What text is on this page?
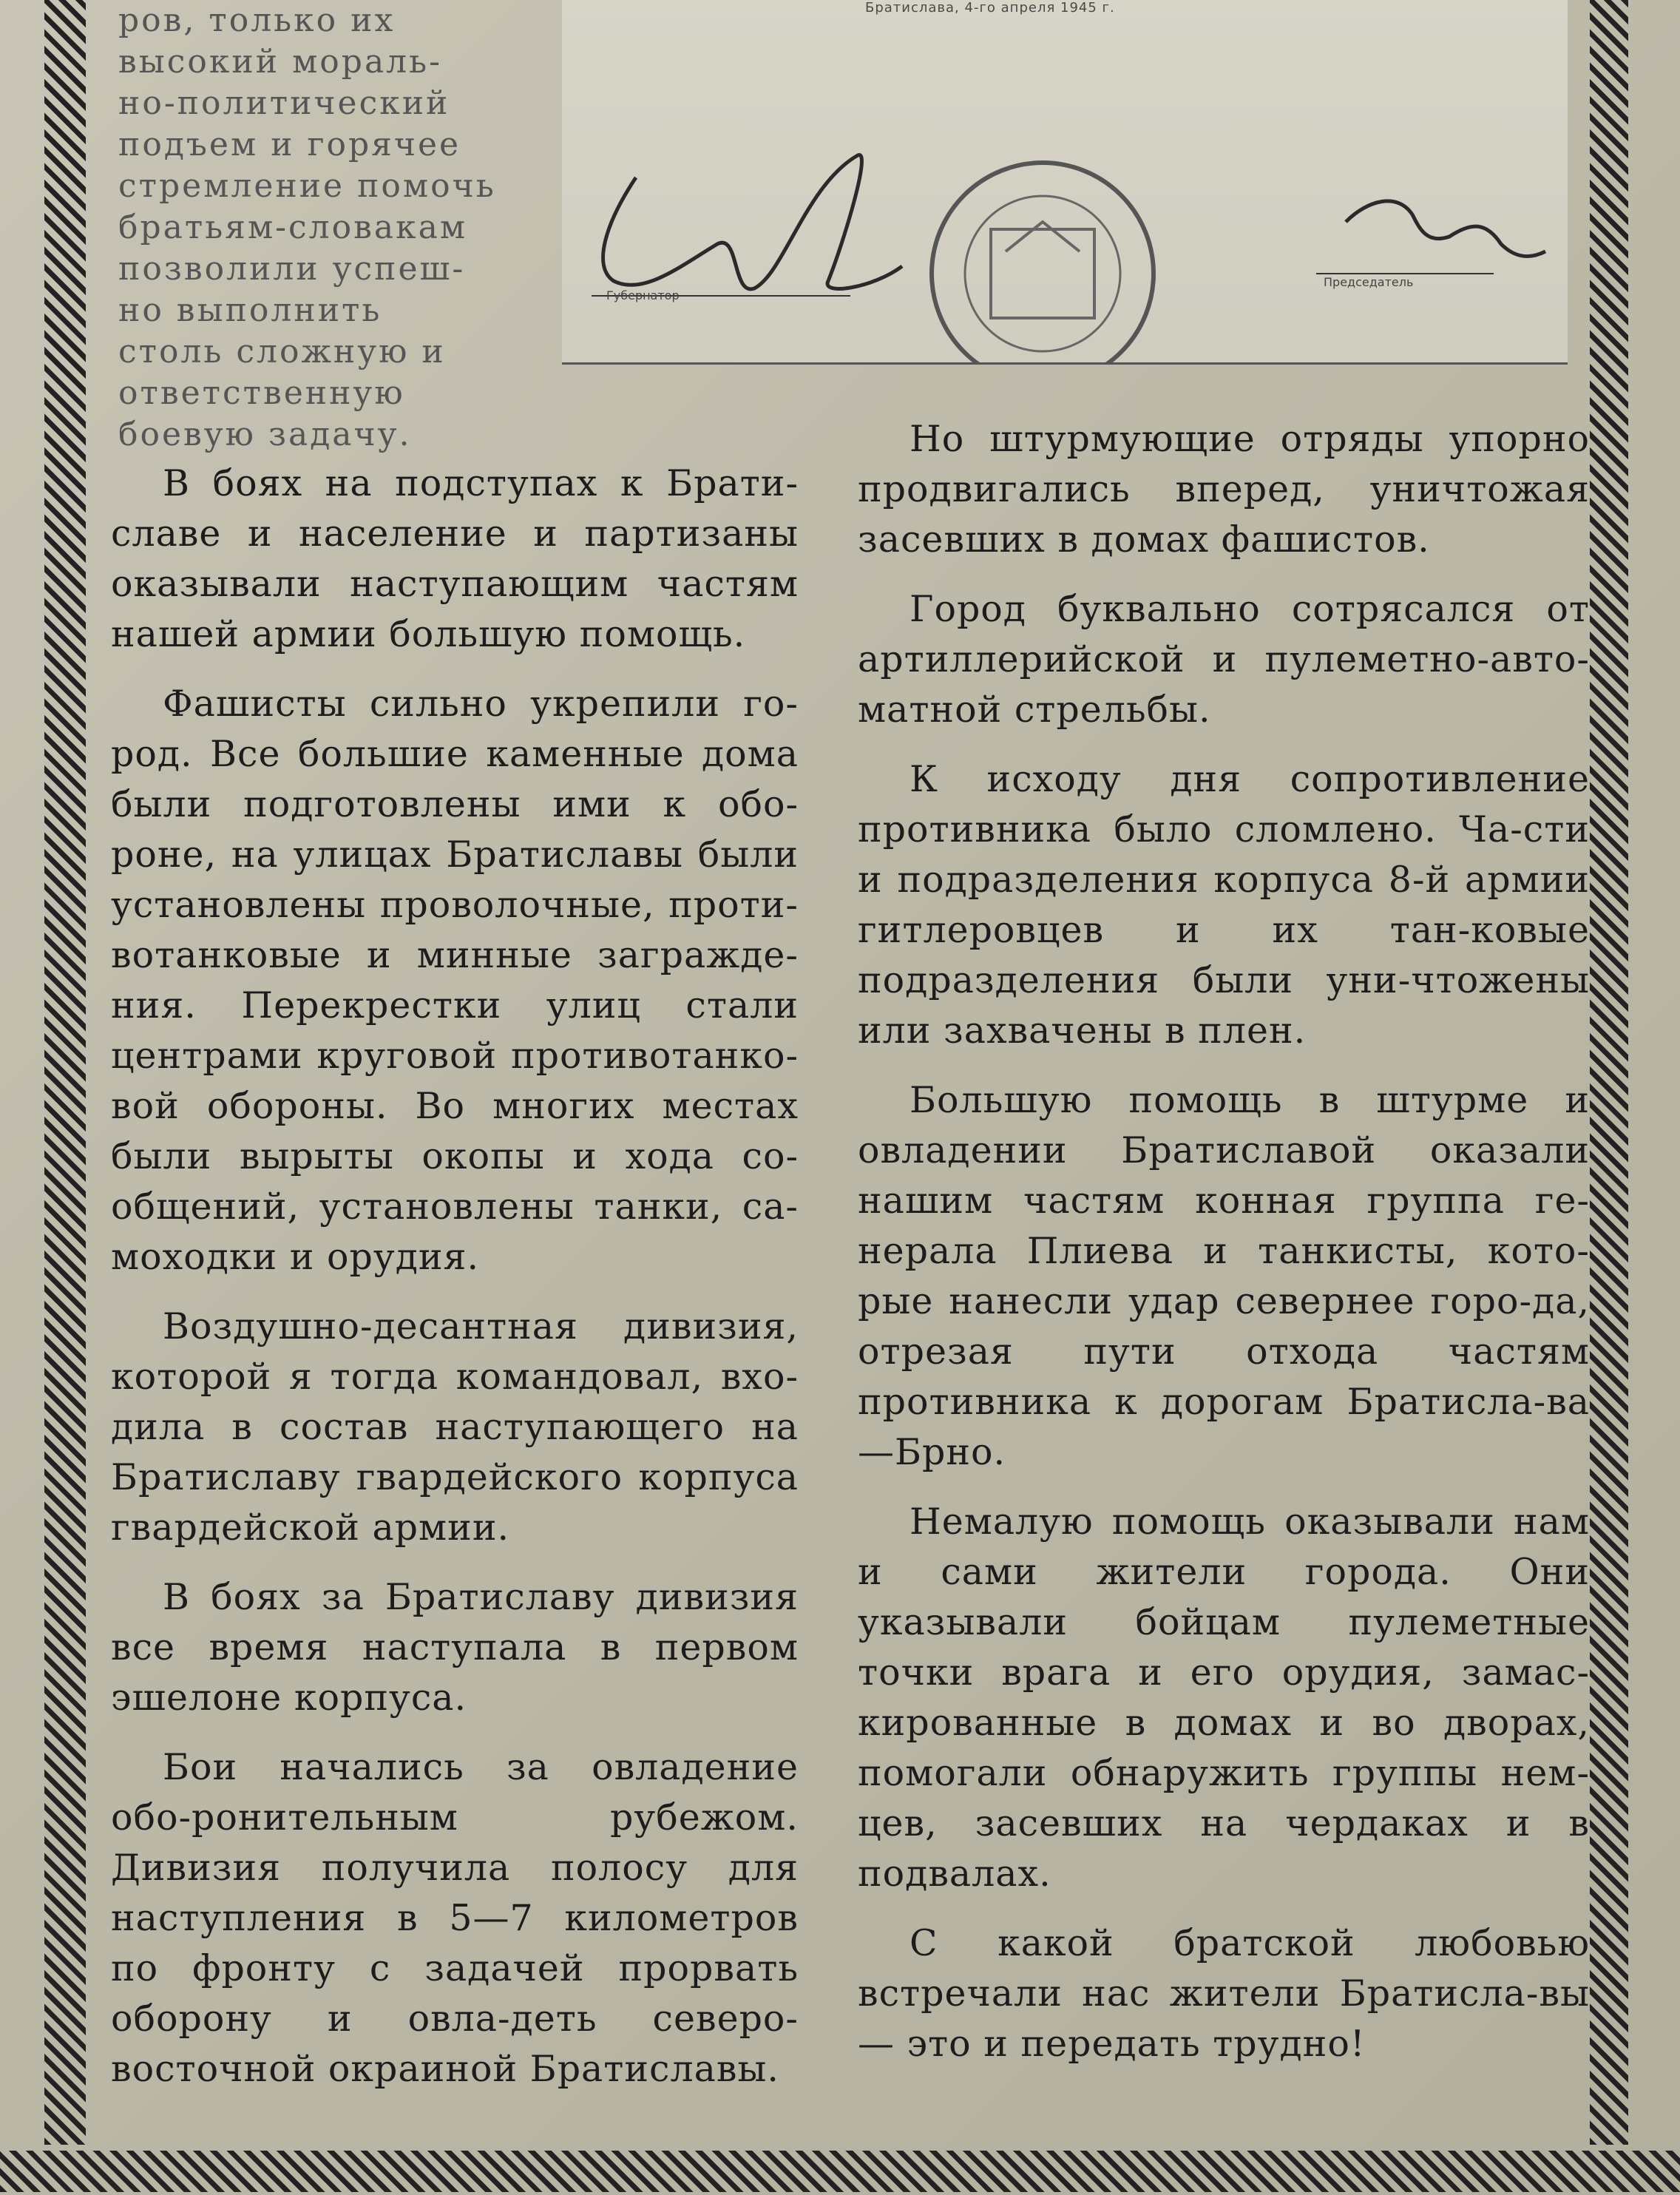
Братислава, 4-го апреля 1945 г.
Губернатор
Председатель
ров, только их
высокий мораль-
но-политический
подъем и горячее
стремление помочь
братьям-словакам
позволили успеш-
но выполнить
столь сложную и
ответственную
боевую задачу.

В боях на подступах к Брати-славе и население и партизаны оказывали наступающим частям нашей армии большую помощь.

Фашисты сильно укрепили го-род. Все большие каменные дома были подготовлены ими к обо-роне, на улицах Братиславы были установлены проволочные, проти-вотанковые и минные загражде-ния. Перекрестки улиц стали центрами круговой противотанко-вой обороны. Во многих местах были вырыты окопы и хода со-общений, установлены танки, са-моходки и орудия.

Воздушно-десантная дивизия, которой я тогда командовал, вхо-дила в состав наступающего на Братиславу гвардейского корпуса гвардейской армии.

В боях за Братиславу дивизия все время наступала в первом эшелоне корпуса.

Бои начались за овладение обо-ронительным рубежом. Дивизия получила полосу для наступления в 5—7 километров по фронту с задачей прорвать оборону и овла-деть северо-восточной окраиной Братиславы.

Но штурмующие отряды упорно продвигались вперед, уничтожая засевших в домах фашистов.

Город буквально сотрясался от артиллерийской и пулеметно-авто-матной стрельбы.

К исходу дня сопротивление противника было сломлено. Ча-сти и подразделения корпуса 8-й армии гитлеровцев и их тан-ковые подразделения были уни-чтожены или захвачены в плен.

Большую помощь в штурме и овладении Братиславой оказали нашим частям конная группа ге-нерала Плиева и танкисты, кото-рые нанесли удар севернее горо-да, отрезая пути отхода частям противника к дорогам Братисла-ва—Брно.

Немалую помощь оказывали нам и сами жители города. Они указывали бойцам пулеметные точки врага и его орудия, замас-кированные в домах и во дворах, помогали обнаружить группы нем-цев, засевших на чердаках и в подвалах.

С какой братской любовью встречали нас жители Братисла-вы — это и передать трудно!
